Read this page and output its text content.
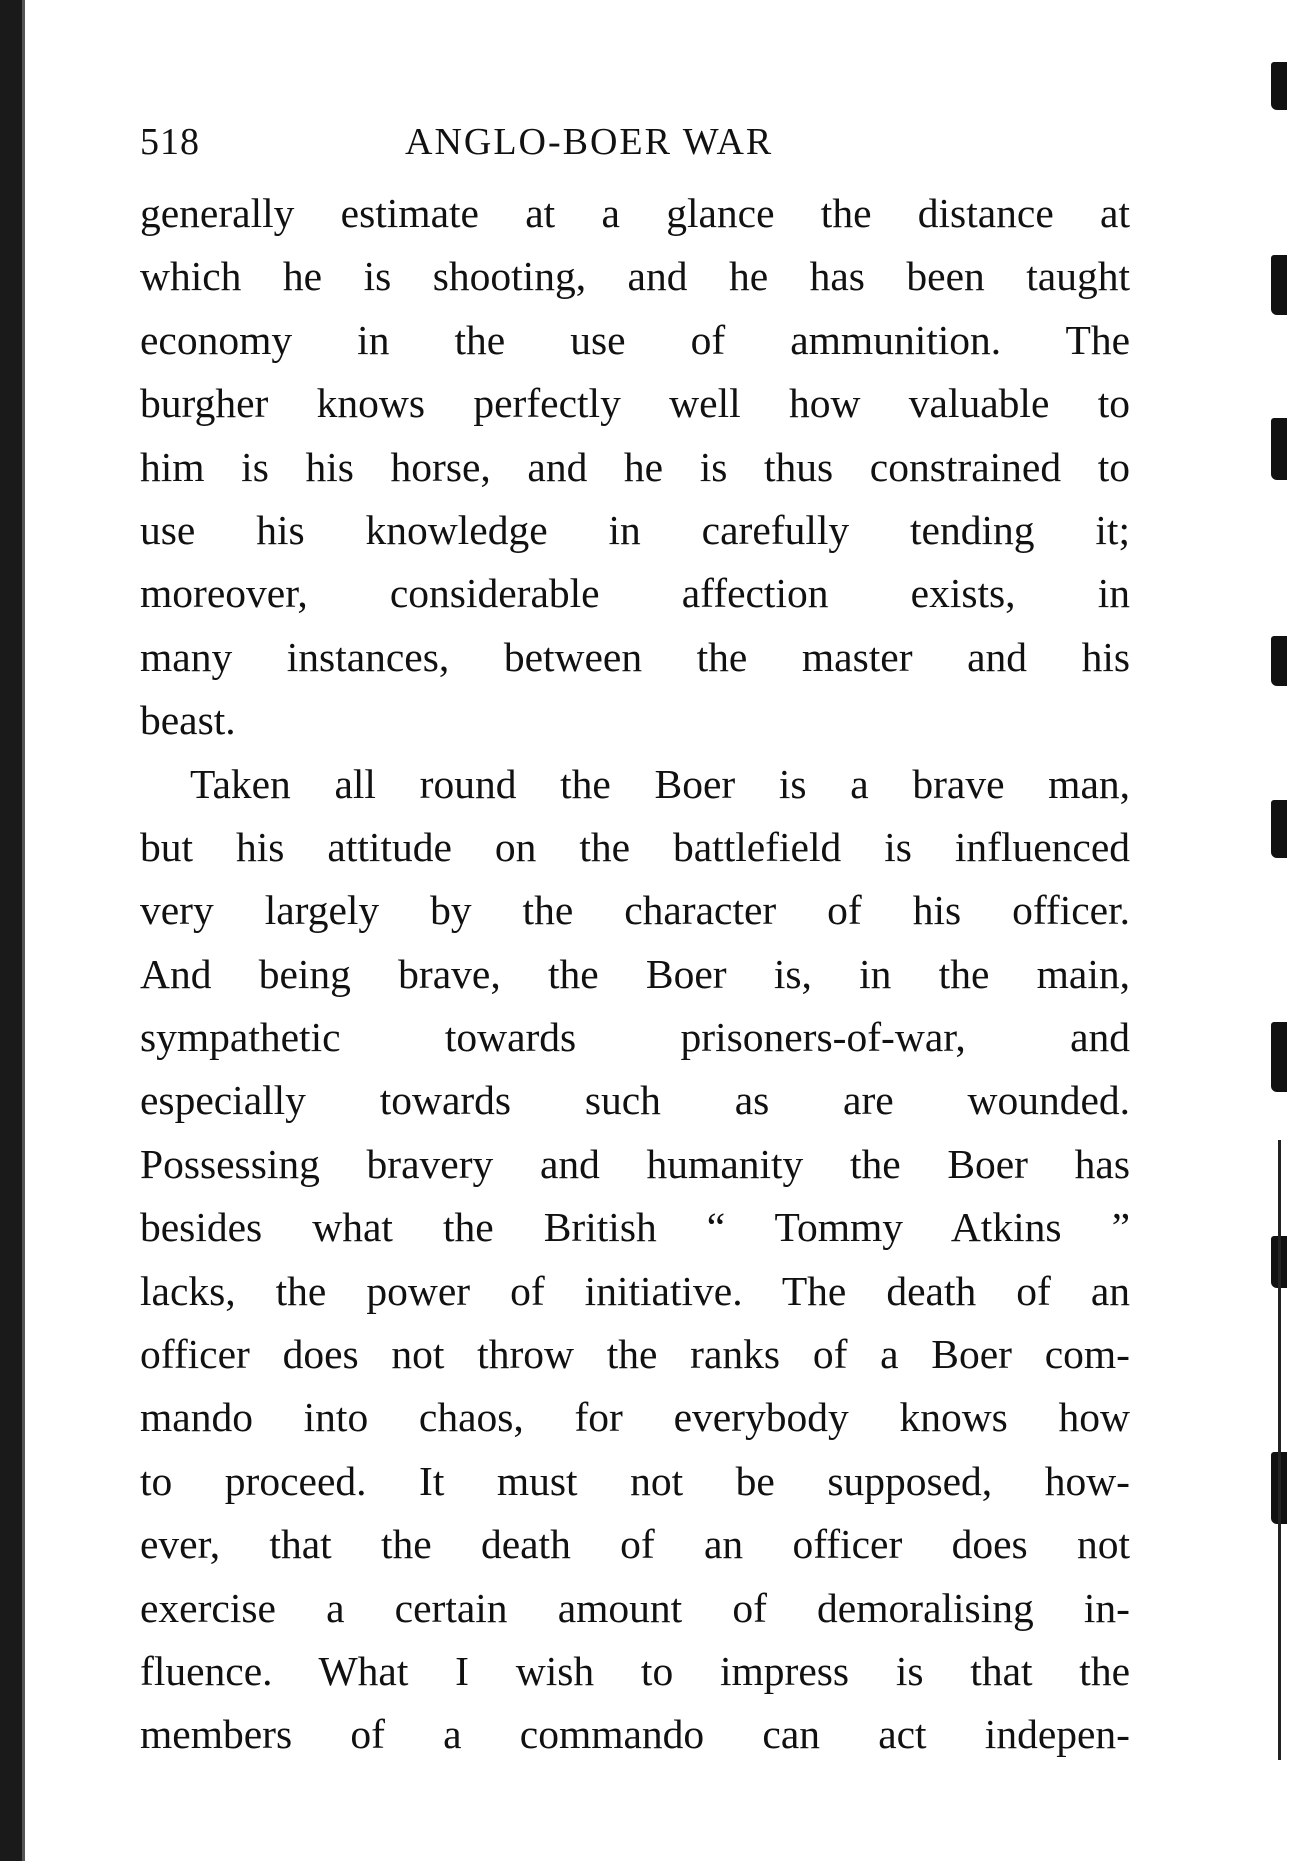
518	ANGLO-BOER WAR
generally estimate at a glance the distance at
which he is shooting, and he has been taught
economy in the use of ammunition. The
burgher knows perfectly well how valuable to
him is his horse, and he is thus constrained to
use his knowledge in carefully tending it;
moreover, considerable affection exists, in
many instances, between the master and his
beast.
Taken all round the Boer is a brave man,
but his attitude on the battlefield is influenced
very largely by the character of his officer.
And being brave, the Boer is, in the main,
sympathetic towards prisoners-of-war, and
especially towards such as are wounded.
Possessing bravery and humanity the Boer has
besides what the British “ Tommy Atkins ”
lacks, the power of initiative. The death of an
officer does not throw the ranks of a Boer com-
mando into chaos, for everybody knows how
to proceed. It must not be supposed, how-
ever, that the death of an officer does not
exercise a certain amount of demoralising in-
fluence. What I wish to impress is that the
members of a commando can act indepen-
